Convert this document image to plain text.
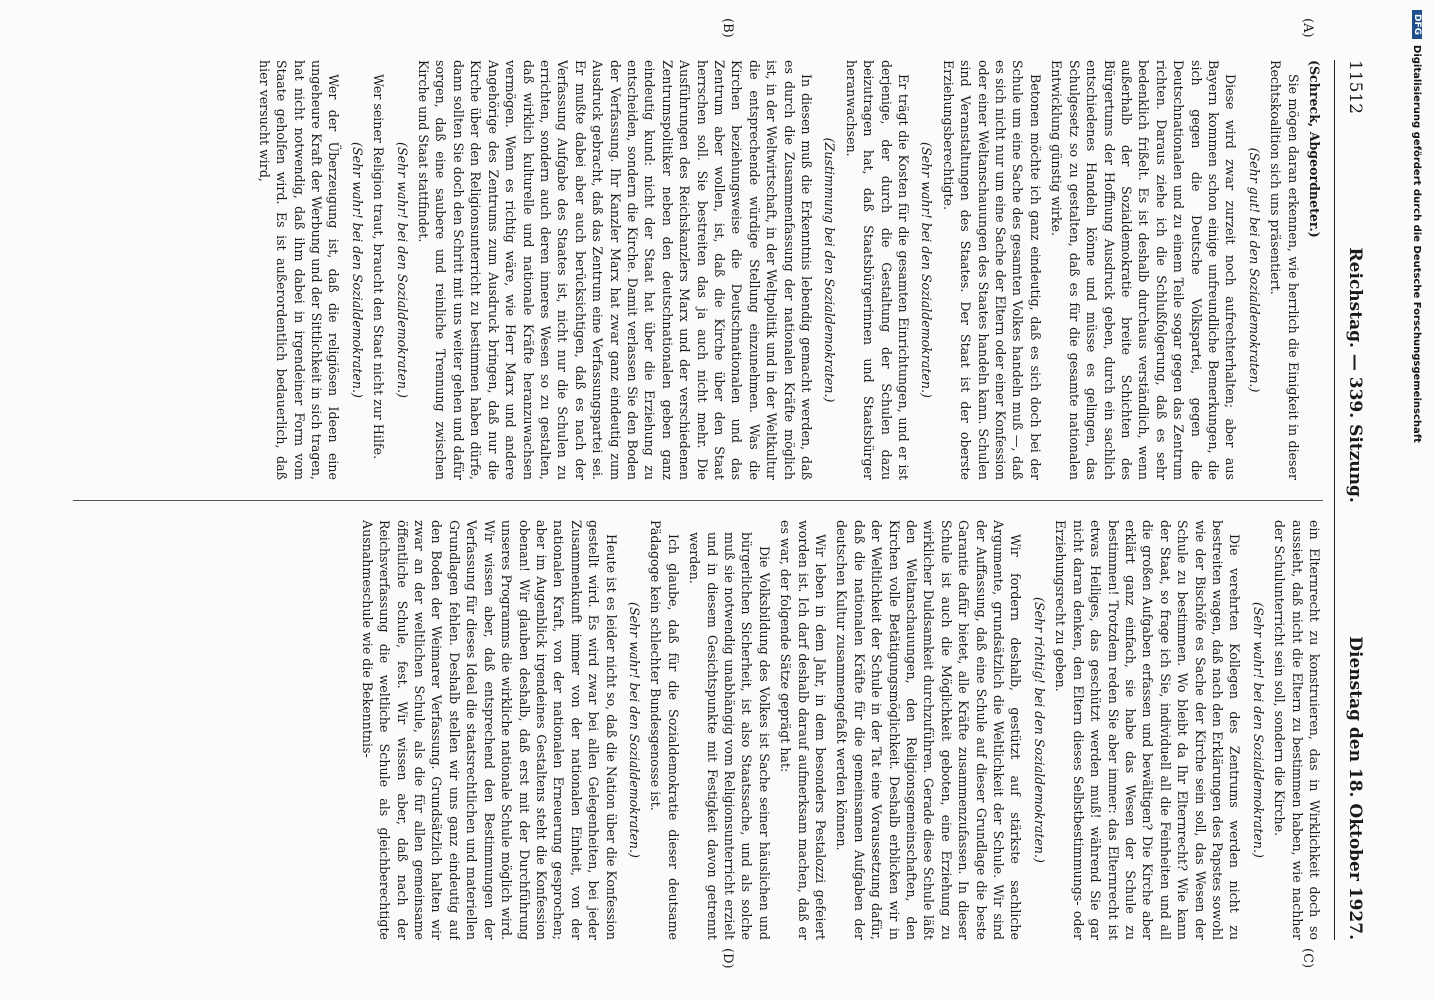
11512
Reichstag. — 339. Sitzung.
Dienstag den 18. Oktober 1927.
(A)
(B)
(C)
(D)

(Schreck, Abgeordneter.)

Sie mögen daran erkennen, wie herrlich die Einigkeit in dieser Rechtskoalition sich uns präsentiert.

(Sehr gut! bei den Sozialdemokraten.)

Diese wird zwar zurzeit noch aufrechterhalten; aber aus Bayern kommen schon einige unfreundliche Bemerkungen, die sich gegen die Deutsche Volkspartei, gegen die Deutschnationalen und zu einem Teile sogar gegen das Zentrum richten. Daraus ziehe ich die Schlußfolgerung, daß es sehr bedenklich frißelt. Es ist deshalb durchaus verständlich, wenn außerhalb der Sozialdemokratie breite Schichten des Bürgertums der Hoffnung Ausdruck geben, durch ein sachlich entschiedenes Handeln könne und müsse es gelingen, das Schulgesetz so zu gestalten, daß es für die gesamte nationalen Entwicklung günstig wirke.

Betonen möchte ich ganz eindeutig, daß es sich doch bei der Schule um eine Sache des gesamten Volkes handeln muß —, daß es sich nicht nur um eine Sache der Eltern oder einer Konfession oder einer Weltanschauungen des Staates handeln kann. Schulen sind Veranstaltungen des Staates. Der Staat ist der oberste Erziehungsberechtigte.

(Sehr wahr! bei den Sozialdemokraten.)

Er trägt die Kosten für die gesamten Einrichtungen, und er ist derjenige, der durch die Gestaltung der Schulen dazu beizutragen hat, daß Staatsbürgerinnen und Staatsbürger heranwachsen.

(Zustimmung bei den Sozialdemokraten.)

In diesen muß die Erkenntnis lebendig gemacht werden, daß es durch die Zusammenfassung der nationalen Kräfte möglich ist, in der Weltwirtschaft, in der Weltpolitik und in der Weltkultur die entsprechende würdige Stellung einzunehmen. Was die Kirchen beziehungsweise die Deutschnationalen und das Zentrum aber wollen, ist, daß die Kirche über den Staat herrschen soll. Sie bestreiten das ja auch nicht mehr. Die Ausführungen des Reichskanzlers Marx und der verschiedenen Zentrumspolitiker neben den deutschnationalen geben ganz eindeutig kund: nicht der Staat hat über die Erziehung zu entscheiden, sondern die Kirche. Damit verlassen Sie den Boden der Verfassung. Ihr Kanzler Marx hat zwar ganz eindeutig zum Ausdruck gebracht, daß das Zentrum eine Verfassungspartei sei. Er mußte dabei aber auch berücksichtigen, daß es nach der Verfassung Aufgabe des Staates ist, nicht nur die Schulen zu errichten, sondern auch deren inneres Wesen so zu gestalten, daß wirklich kulturelle und nationale Kräfte heranzuwachsen vermögen. Wenn es richtig wäre, wie Herr Marx und andere Angehörige des Zentrums zum Ausdruck bringen, daß nur die Kirche über den Religionsunterricht zu bestimmen haben dürfe, dann sollten Sie doch den Schritt mit uns weiter gehen und dafür sorgen, daß eine saubere und reinliche Trennung zwischen Kirche und Staat stattfindet.

(Sehr wahr! bei den Sozialdemokraten.)

Wer seiner Religion traut, braucht den Staat nicht zur Hilfe.

(Sehr wahr! bei den Sozialdemokraten.)

Wer der Überzeugung ist, daß die religiösen Ideen eine ungeheure Kraft der Werbung und der Sittlichkeit in sich tragen, hat nicht notwendig, daß ihm dabei in irgendeiner Form vom Staate geholfen wird. Es ist außerordentlich bedauerlich, daß hier versucht wird,

ein Elternrecht zu konstruieren, das in Wirklichkeit doch so aussieht, daß nicht die Eltern zu bestimmen haben, wie nachher der Schulunterricht sein soll, sondern die Kirche.

(Sehr wahr! bei den Sozialdemokraten.)

Die verehrten Kollegen des Zentrums werden nicht zu bestreiten wagen, daß nach den Erklärungen des Papstes sowohl wie der Bischöfe es Sache der Kirche sein soll, das Wesen der Schule zu bestimmen. Wo bleibt da Ihr Elternrecht? Wie kann der Staat, so frage ich Sie, individuell all die Feinheiten und all die großen Aufgaben erfassen und bewältigen? Die Kirche aber erklärt ganz einfach, sie habe das Wesen der Schule zu bestimmen! Trotzdem reden Sie aber immer: das Elternrecht ist etwas Heiliges, das geschützt werden muß! während Sie gar nicht daran denken, den Eltern dieses Selbstbestimmungs- oder Erziehungsrecht zu geben.

(Sehr richtig! bei den Sozialdemokraten.)

Wir fordern deshalb, gestützt auf stärkste sachliche Argumente, grundsätzlich die Weltlichkeit der Schule. Wir sind der Auffassung, daß eine Schule auf dieser Grundlage die beste Garantie dafür bietet, alle Kräfte zusammenzufassen. In dieser Schule ist auch die Möglichkeit geboten, eine Erziehung zu wirklicher Duldsamkeit durchzuführen. Gerade diese Schule läßt den Weltanschauungen, den Religionsgemeinschaften, den Kirchen volle Betätigungsmöglichkeit. Deshalb erblicken wir in der Weltlichkeit der Schule in der Tat eine Voraussetzung dafür, daß die nationalen Kräfte für die gemeinsamen Aufgaben der deutschen Kultur zusammengefaßt werden können.

Wir leben in dem Jahr, in dem besonders Pestalozzi gefeiert worden ist. Ich darf deshalb darauf aufmerksam machen, daß er es war, der folgende Sätze geprägt hat:

Die Volksbildung des Volkes ist Sache seiner häuslichen und bürgerlichen Sicherheit, ist also Staatssache, und als solche muß sie notwendig unabhängig vom Religionsunterricht erzielt und in diesem Gesichtspunkte mit Festigkeit davon getrennt werden.

Ich glaube, daß für die Sozialdemokratie dieser deutsame Pädagoge kein schlechter Bundesgenosse ist.

(Sehr wahr! bei den Sozialdemokraten.)

Heute ist es leider nicht so, daß die Nation über die Konfession gestellt wird. Es wird zwar bei allen Gelegenheiten, bei jeder Zusammenkunft immer von der nationalen Einheit, von der nationalen Kraft, von der nationalen Erneuerung gesprochen; aber im Augenblick irgendeines Gestaltens steht die Konfession obenan! Wir glauben deshalb, daß erst mit der Durchführung unseres Programms die wirkliche nationale Schule möglich wird. Wir wissen aber, daß entsprechend den Bestimmungen der Verfassung für dieses Ideal die staatsrechtlichen und materiellen Grundlagen fehlen. Deshalb stellen wir uns ganz eindeutig auf den Boden der Weimarer Verfassung. Grundsätzlich halten wir zwar an der weltlichen Schule, als die für allen gemeinsame öffentliche Schule, fest. Wir wissen aber, daß nach der Reichsverfassung die weltliche Schule als gleichberechtigte Ausnahmeschule wie die Bekenntnis-

DFG
Digitalisierung gefördert durch die Deutsche Forschungsgemeinschaft
